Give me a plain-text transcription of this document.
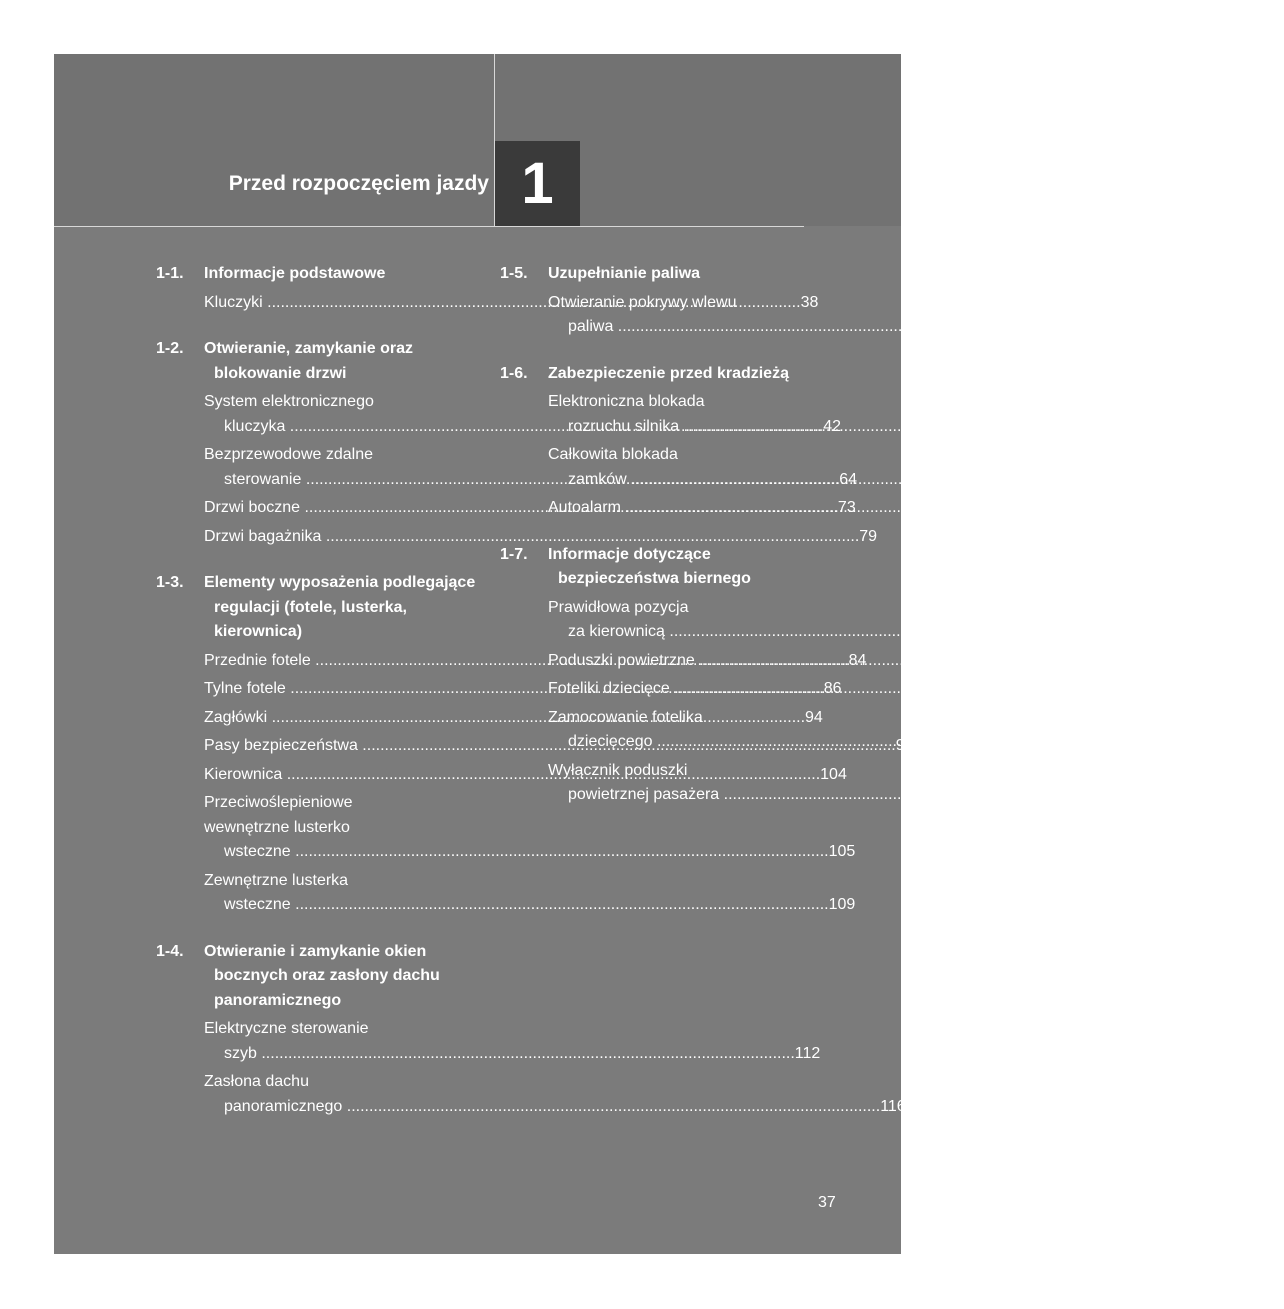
Przed rozpoczęciem jazdy 1
1-1.	Informacje podstawowe
Kluczyki .....	38
1-2.	Otwieranie, zamykanie oraz blokowanie drzwi
System elektronicznego
kluczyka .....	42
Bezprzewodowe zdalne
sterowanie .....	64
Drzwi boczne .....	73
Drzwi bagażnika .....	79
1-3.	Elementy wyposażenia podlegające regulacji (fotele, lusterka, kierownica)
Przednie fotele .....	84
Tylne fotele .....	86
Zagłówki .....	94
Pasy bezpieczeństwa .....	96
Kierownica .....	104
Przeciwoślepieniowe
wewnętrzne lusterko
wsteczne .....	105
Zewnętrzne lusterka
wsteczne .....	109
1-4.	Otwieranie i zamykanie okien bocznych oraz zasłony dachu panoramicznego
Elektryczne sterowanie
szyb .....	112
Zasłona dachu
panoramicznego .....	116
1-5.	Uzupełnianie paliwa
Otwieranie pokrywy wlewu
paliwa .....	119
1-6.	Zabezpieczenie przed kradzieżą
Elektroniczna blokada
rozruchu silnika .....	124
Całkowita blokada
zamków .....	135
Autoalarm .....	137
1-7.	Informacje dotyczące bezpieczeństwa biernego
Prawidłowa pozycja
za kierownicą .....	146
Poduszki powietrzne .....	148
Foteliki dziecięce .....	159
Zamocowanie fotelika
dziecięcego .....	167
Wyłącznik poduszki
powietrznej pasażera .....	179
37
